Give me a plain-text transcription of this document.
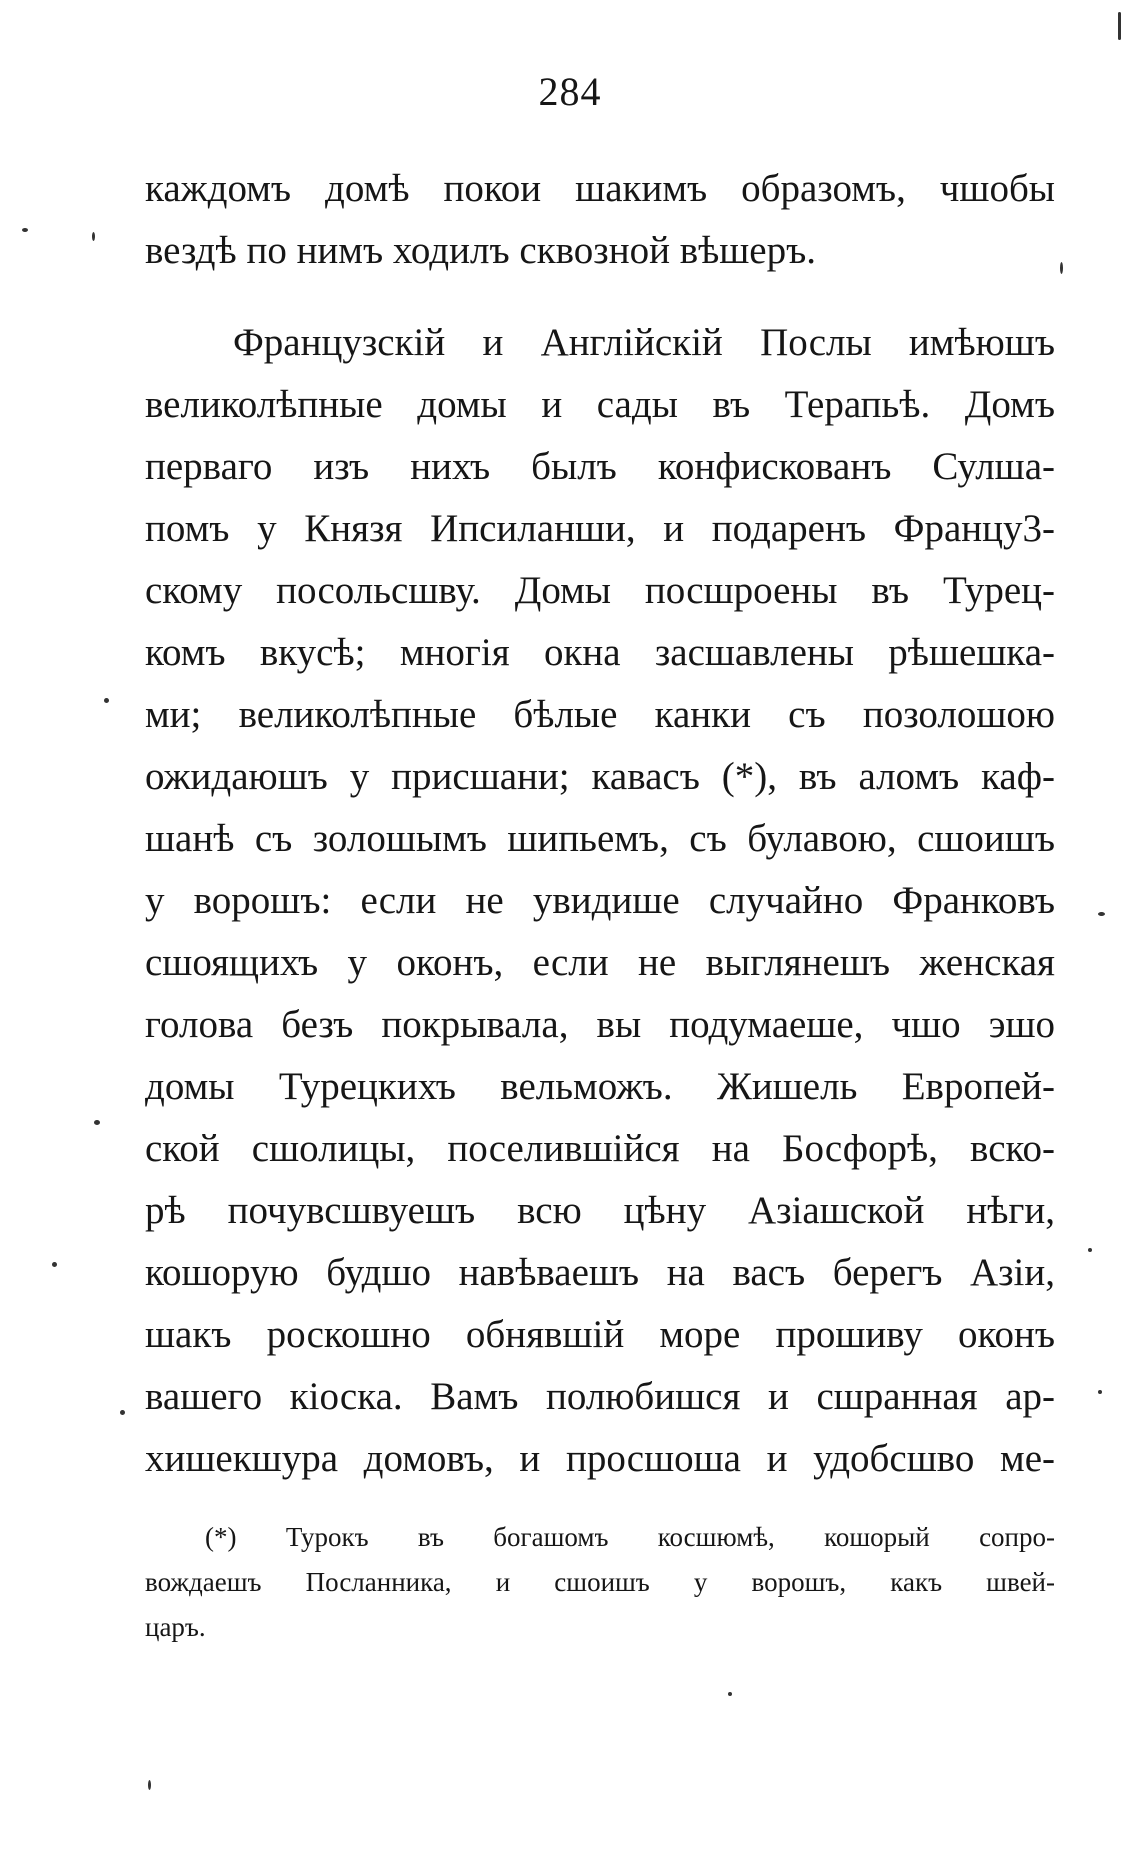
284
каждомъ домѣ покои шакимъ образомъ, чшобы
вездѣ по нимъ ходилъ сквозной вѣшеръ.
Французскій и Англійскій Послы имѣюшъ
великолѣпные домы и сады въ Терапьѣ. Домъ
перваго изъ нихъ былъ конфискованъ Сулша-
помъ у Князя Ипсиланши, и подаренъ Францу3-
скому посольсшву. Домы посшроены въ Турец-
комъ вкусѣ; многія окна засшавлены рѣшешка-
ми; великолѣпные бѣлые канки съ позолошою
ожидаюшъ у присшани; кавасъ (*), въ аломъ каф-
шанѣ съ золошымъ шипьемъ, съ булавою, сшоишъ
у ворошъ: если не увидише случайно Франковъ
сшоящихъ у оконъ, если не выглянешъ женская
голова безъ покрывала, вы подумаеше, чшо эшо
домы Турецкихъ вельможъ. Жишель Европей-
ской сшолицы, поселившійся на Босфорѣ, вско-
рѣ почувсшвуешъ всю цѣну Азіашской нѣги,
кошорую будшо навѣваешъ на васъ берегъ Азіи,
шакъ роскошно обнявшій море прошиву оконъ
вашего кіоска. Вамъ полюбишся и сшранная ар-
хишекшура домовъ, и просшоша и удобсшво ме-
(*) Турокъ въ богашомъ косшюмѣ, кошорый сопро-
вождаешъ Посланника, и сшоишъ у ворошъ, какъ швей-
царъ.
